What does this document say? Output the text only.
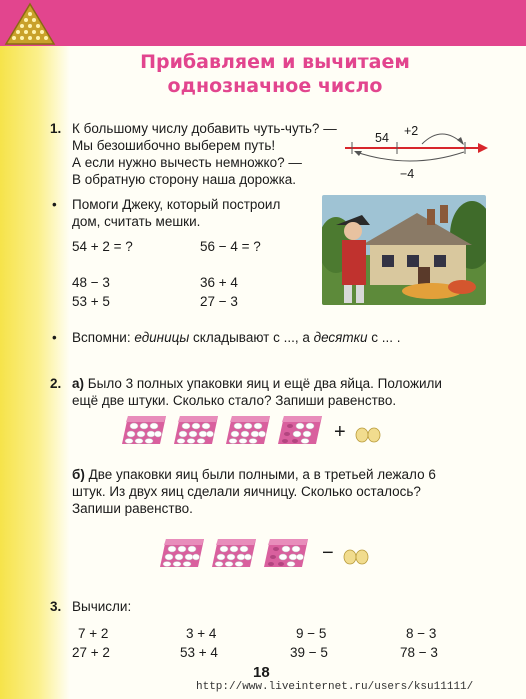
Прибавляем и вычитаем
однозначное число
1. К большому числу добавить чуть-чуть? —
Мы безошибочно выберем путь!
А если нужно вычесть немножко? —
В обратную сторону наша дорожка.
+2
54
−4
• Помоги Джеку, который построил
дом, считать мешки.
54 + 2 = ?	56 − 4 = ?
48 − 3	36 + 4
53 + 5	27 − 3
• Вспомни: единицы складывают с ..., а десятки с ... .
2. а) Было 3 полных упаковки яиц и ещё два яйца. Положили
ещё две штуки. Сколько стало? Запиши равенство.
+
б) Две упаковки яиц были полными, а в третьей лежало 6
штук. Из двух яиц сделали яичницу. Сколько осталось?
Запиши равенство.
−
3. Вычисли:
7 + 2	3 + 4	9 − 5	8 − 3
27 + 2	53 + 4	39 − 5	78 − 3
18
http://www.liveinternet.ru/users/ksu11111/
